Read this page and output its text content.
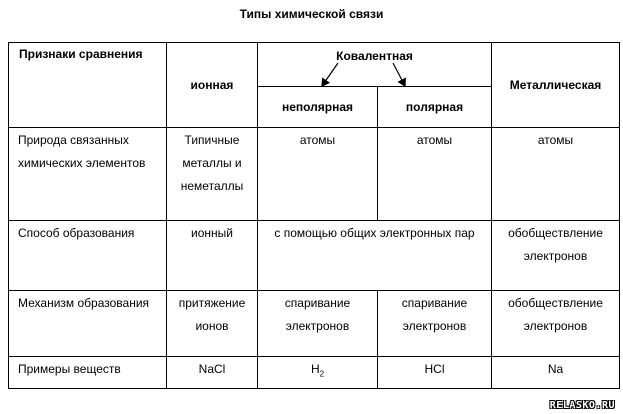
Типы химической связи
Признаки сравнения	ионная	Ковалентная		Металлическая
		неполярная	полярная	
Природа связанных химических элементов	Типичные металлы и неметаллы	атомы	атомы	атомы
Способ образования	ионный	с помощью общих электронных пар		обобществление электронов
Механизм образования	притяжение ионов	спаривание электронов	спаривание электронов	обобществление электронов
Примеры веществ	NaCl	$H_2$	HCl	Na
RELASKO.RU
